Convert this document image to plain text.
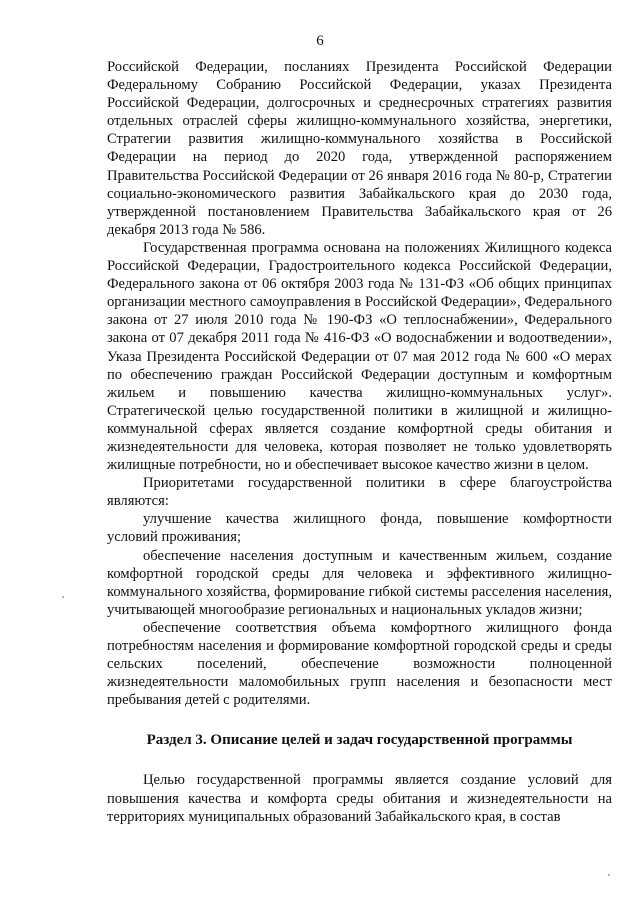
6

Российской Федерации, посланиях Президента Российской Федерации Федеральному Собранию Российской Федерации, указах Президента Российской Федерации, долгосрочных и среднесрочных стратегиях развития отдельных отраслей сферы жилищно-коммунального хозяйства, энергетики, Стратегии развития жилищно-коммунального хозяйства в Российской Федерации на период до 2020 года, утвержденной распоряжением Правительства Российской Федерации от 26 января 2016 года № 80-р, Стратегии социально-экономического развития Забайкальского края до 2030 года, утвержденной постановлением Правительства Забайкальского края от 26 декабря 2013 года № 586.

Государственная программа основана на положениях Жилищного кодекса Российской Федерации, Градостроительного кодекса Российской Федерации, Федерального закона от 06 октября 2003 года № 131-ФЗ «Об общих принципах организации местного самоуправления в Российской Федерации», Федерального закона от 27 июля 2010 года № 190-ФЗ «О теплоснабжении», Федерального закона от 07 декабря 2011 года № 416-ФЗ «О водоснабжении и водоотведении», Указа Президента Российской Федерации от 07 мая 2012 года № 600 «О мерах по обеспечению граждан Российской Федерации доступным и комфортным жильем и повышению качества жилищно-коммунальных услуг». Стратегической целью государственной политики в жилищной и жилищно-коммунальной сферах является создание комфортной среды обитания и жизнедеятельности для человека, которая позволяет не только удовлетворять жилищные потребности, но и обеспечивает высокое качество жизни в целом.

Приоритетами государственной политики в сфере благоустройства являются:

улучшение качества жилищного фонда, повышение комфортности условий проживания;

обеспечение населения доступным и качественным жильем, создание комфортной городской среды для человека и эффективного жилищно-коммунального хозяйства, формирование гибкой системы расселения населения, учитывающей многообразие региональных и национальных укладов жизни;

обеспечение соответствия объема комфортного жилищного фонда потребностям населения и формирование комфортной городской среды и среды сельских поселений, обеспечение возможности полноценной жизнедеятельности маломобильных групп населения и безопасности мест пребывания детей с родителями.

Раздел 3. Описание целей и задач государственной программы

Целью государственной программы является создание условий для повышения качества и комфорта среды обитания и жизнедеятельности на территориях муниципальных образований Забайкальского края, в состав
